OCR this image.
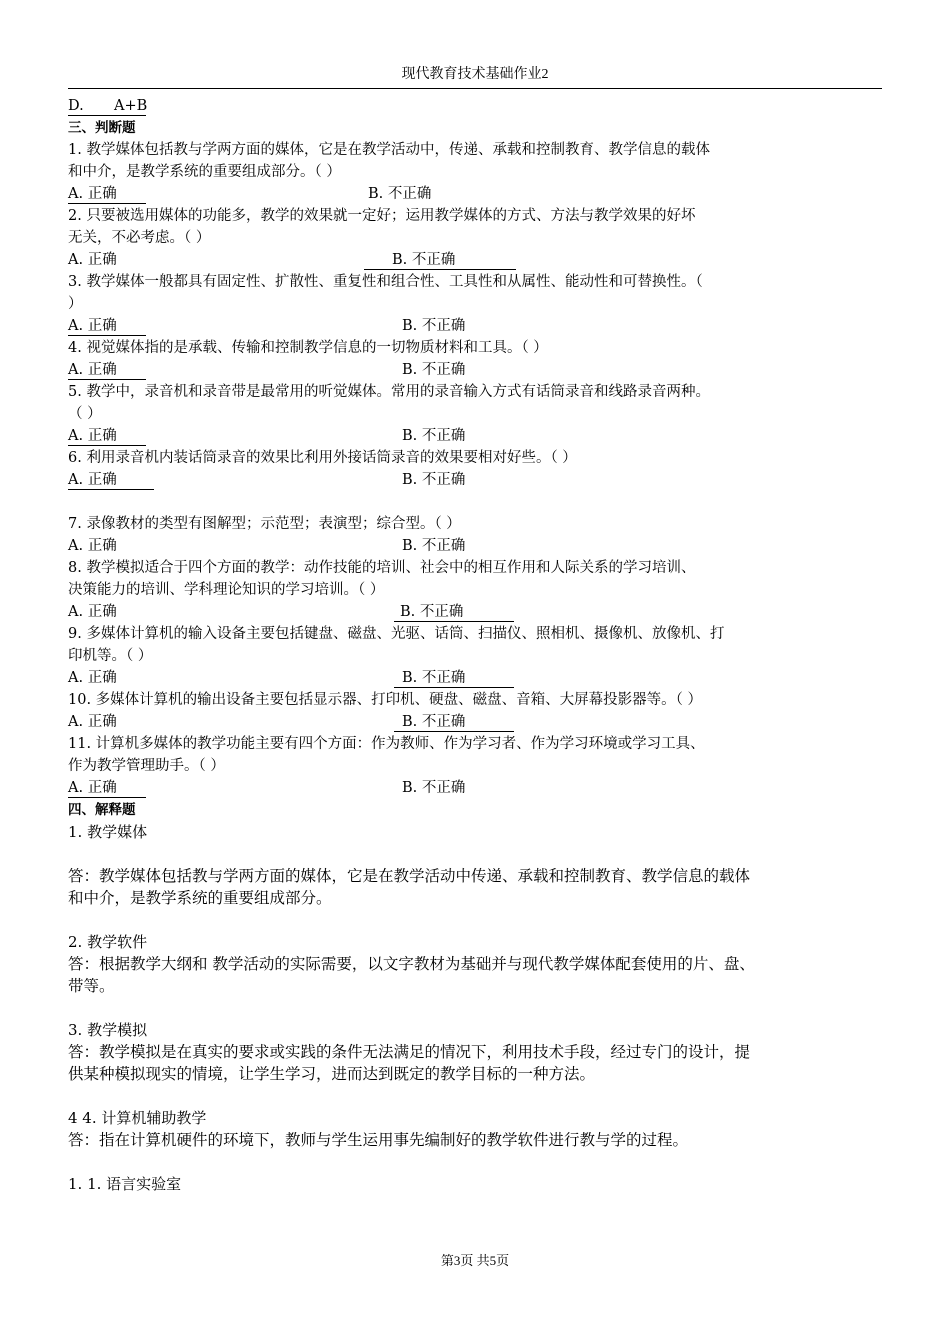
现代教育技术基础作业2
D. A+B
三、判断题
1. 教学媒体包括教与学两方面的媒体，它是在教学活动中，传递、承载和控制教育、教学信息的载体
和中介，是教学系统的重要组成部分。（ ）
A. 正确	B. 不正确
2. 只要被选用媒体的功能多，教学的效果就一定好；运用教学媒体的方式、方法与教学效果的好坏
无关，不必考虑。（ ）
A. 正确	B. 不正确
3. 教学媒体一般都具有固定性、扩散性、重复性和组合性、工具性和从属性、能动性和可替换性。（
）
A. 正确	B. 不正确
4. 视觉媒体指的是承载、传输和控制教学信息的一切物质材料和工具。（ ）
A. 正确	B. 不正确
5. 教学中，录音机和录音带是最常用的听觉媒体。常用的录音输入方式有话筒录音和线路录音两种。
（ ）
A. 正确	B. 不正确
6. 利用录音机内装话筒录音的效果比利用外接话筒录音的效果要相对好些。（ ）
A. 正确	B. 不正确
7. 录像教材的类型有图解型；示范型；表演型；综合型。（ ）
A. 正确	B. 不正确
8. 教学模拟适合于四个方面的教学：动作技能的培训、社会中的相互作用和人际关系的学习培训、
决策能力的培训、学科理论知识的学习培训。（ ）
A. 正确	B. 不正确
9. 多媒体计算机的输入设备主要包括键盘、磁盘、光驱、话筒、扫描仪、照相机、摄像机、放像机、打
印机等。（ ）
A. 正确	B. 不正确
10. 多媒体计算机的输出设备主要包括显示器、打印机、硬盘、磁盘、音箱、大屏幕投影器等。（ ）
A. 正确	B. 不正确
11. 计算机多媒体的教学功能主要有四个方面：作为教师、作为学习者、作为学习环境或学习工具、
作为教学管理助手。（ ）
A. 正确	B. 不正确
四、解释题
1. 教学媒体
答：教学媒体包括教与学两方面的媒体，它是在教学活动中传递、承载和控制教育、教学信息的载体
和中介，是教学系统的重要组成部分。
2. 教学软件
答：根据教学大纲和 教学活动的实际需要，以文字教材为基础并与现代教学媒体配套使用的片、盘、
带等。
3. 教学模拟
答：教学模拟是在真实的要求或实践的条件无法满足的情况下，利用技术手段，经过专门的设计，提
供某种模拟现实的情境，让学生学习，进而达到既定的教学目标的一种方法。
4 4. 计算机辅助教学
答：指在计算机硬件的环境下，教师与学生运用事先编制好的教学软件进行教与学的过程。
1. 1. 语言实验室
第3页 共5页
